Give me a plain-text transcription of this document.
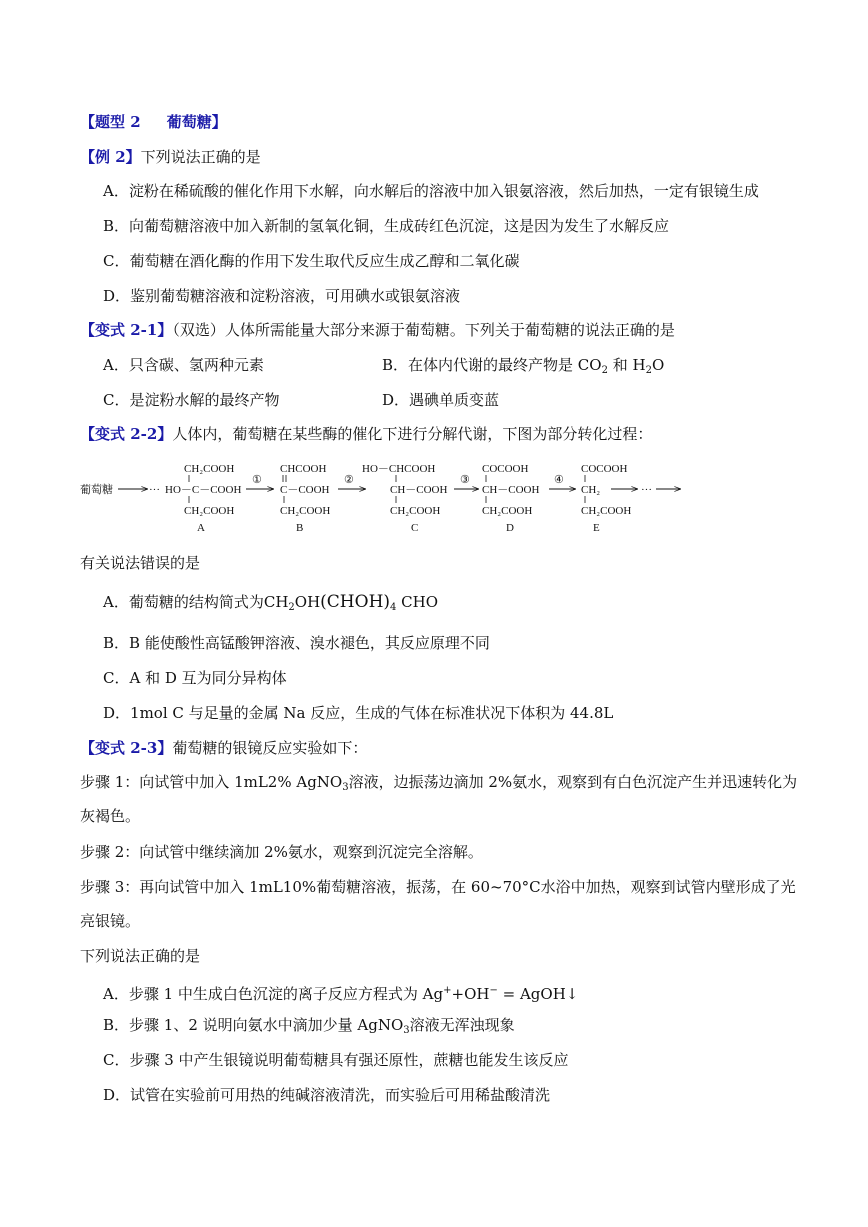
【题型 2 葡萄糖】
【例 2】下列说法正确的是
A．淀粉在稀硫酸的催化作用下水解，向水解后的溶液中加入银氨溶液，然后加热，一定有银镜生成
B．向葡萄糖溶液中加入新制的氢氧化铜，生成砖红色沉淀，这是因为发生了水解反应
C．葡萄糖在酒化酶的作用下发生取代反应生成乙醇和二氧化碳
D．鉴别葡萄糖溶液和淀粉溶液，可用碘水或银氨溶液
【变式 2-1】（双选）人体所需能量大部分来源于葡萄糖。下列关于葡萄糖的说法正确的是
A．只含碳、氢两种元素	B．在体内代谢的最终产物是 $CO_2$ 和 $H_2O$
C．是淀粉水解的最终产物	D．遇碘单质变蓝
【变式 2-2】人体内，葡萄糖在某些酶的催化下进行分解代谢，下图为部分转化过程：
葡萄糖	···
CH₂COOH
HO－C－COOH
CH₂COOH
A
①
CHCOOH
C－COOH
CH₂COOH
B
②
HO－CHCOOH
CH－COOH
CH₂COOH
C
③
COCOOH
CH－COOH
CH₂COOH
D
④
COCOOH
CH₂
CH₂COOH
E
···
有关说法错误的是
A．葡萄糖的结构简式为$CH_2OH(CHOH)_4$ CHO
B．B 能使酸性高锰酸钾溶液、溴水褪色，其反应原理不同
C．A 和 D 互为同分异构体
D．1mol C 与足量的金属 Na 反应，生成的气体在标准状况下体积为 44.8L
【变式 2-3】葡萄糖的银镜反应实验如下：
步骤 1：向试管中加入 1mL2% AgNO$_3$溶液，边振荡边滴加 2%氨水，观察到有白色沉淀产生并迅速转化为
灰褐色。
步骤 2：向试管中继续滴加 2%氨水，观察到沉淀完全溶解。
步骤 3：再向试管中加入 1mL10%葡萄糖溶液，振荡，在 60~70°C水浴中加热，观察到试管内壁形成了光
亮银镜。
下列说法正确的是
A．步骤 1 中生成白色沉淀的离子反应方程式为 Ag++OH− = AgOH↓
B．步骤 1、2 说明向氨水中滴加少量 AgNO$_3$溶液无浑浊现象
C．步骤 3 中产生银镜说明葡萄糖具有强还原性，蔗糖也能发生该反应
D．试管在实验前可用热的纯碱溶液清洗，而实验后可用稀盐酸清洗
